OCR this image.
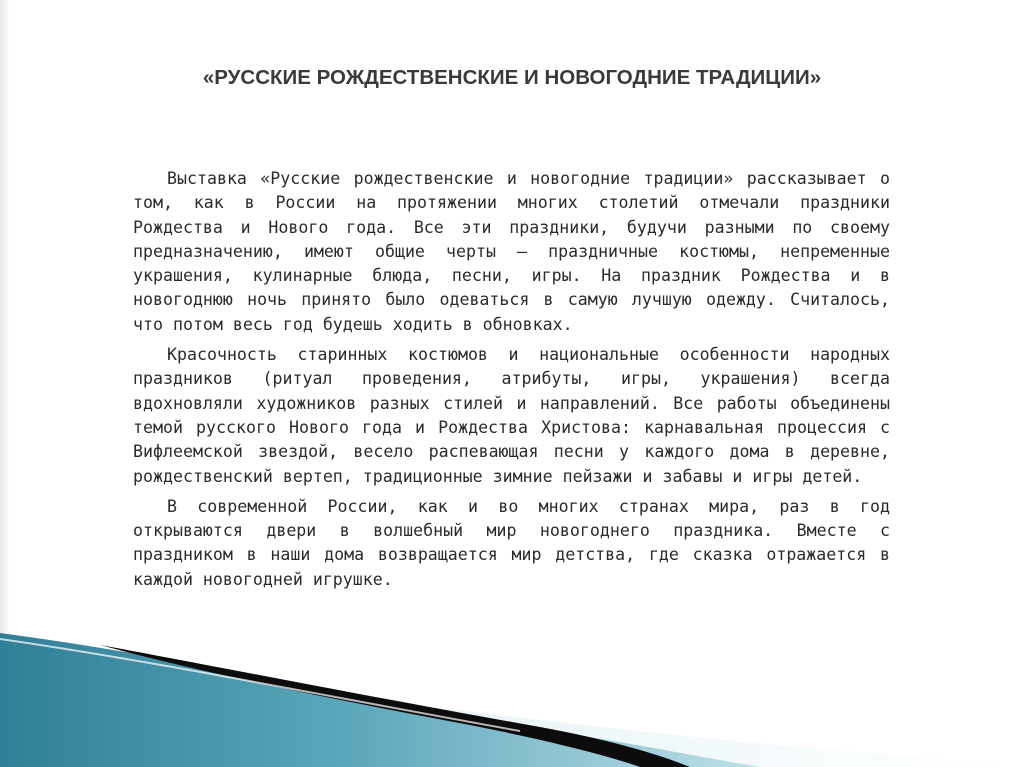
«РУССКИЕ РОЖДЕСТВЕНСКИЕ И НОВОГОДНИЕ ТРАДИЦИИ»

Выставка «Русские рождественские и новогодние традиции» рассказывает о том, как в России на протяжении многих столетий отмечали праздники Рождества и Нового года. Все эти праздники, будучи разными по своему предназначению, имеют общие черты – праздничные костюмы, непременные украшения, кулинарные блюда, песни, игры. На праздник Рождества и в новогоднюю ночь принято было одеваться в самую лучшую одежду. Считалось, что потом весь год будешь ходить в обновках.

Красочность старинных костюмов и национальные особенности народных праздников (ритуал проведения, атрибуты, игры, украшения) всегда вдохновляли художников разных стилей и направлений. Все работы объединены темой русского Нового года и Рождества Христова: карнавальная процессия с Вифлеемской звездой, весело распевающая песни у каждого дома в деревне, рождественский вертеп, традиционные зимние пейзажи и забавы и игры детей.

В современной России, как и во многих странах мира, раз в год открываются двери в волшебный мир новогоднего праздника. Вместе с праздником в наши дома возвращается мир детства, где сказка отражается в каждой новогодней игрушке.
